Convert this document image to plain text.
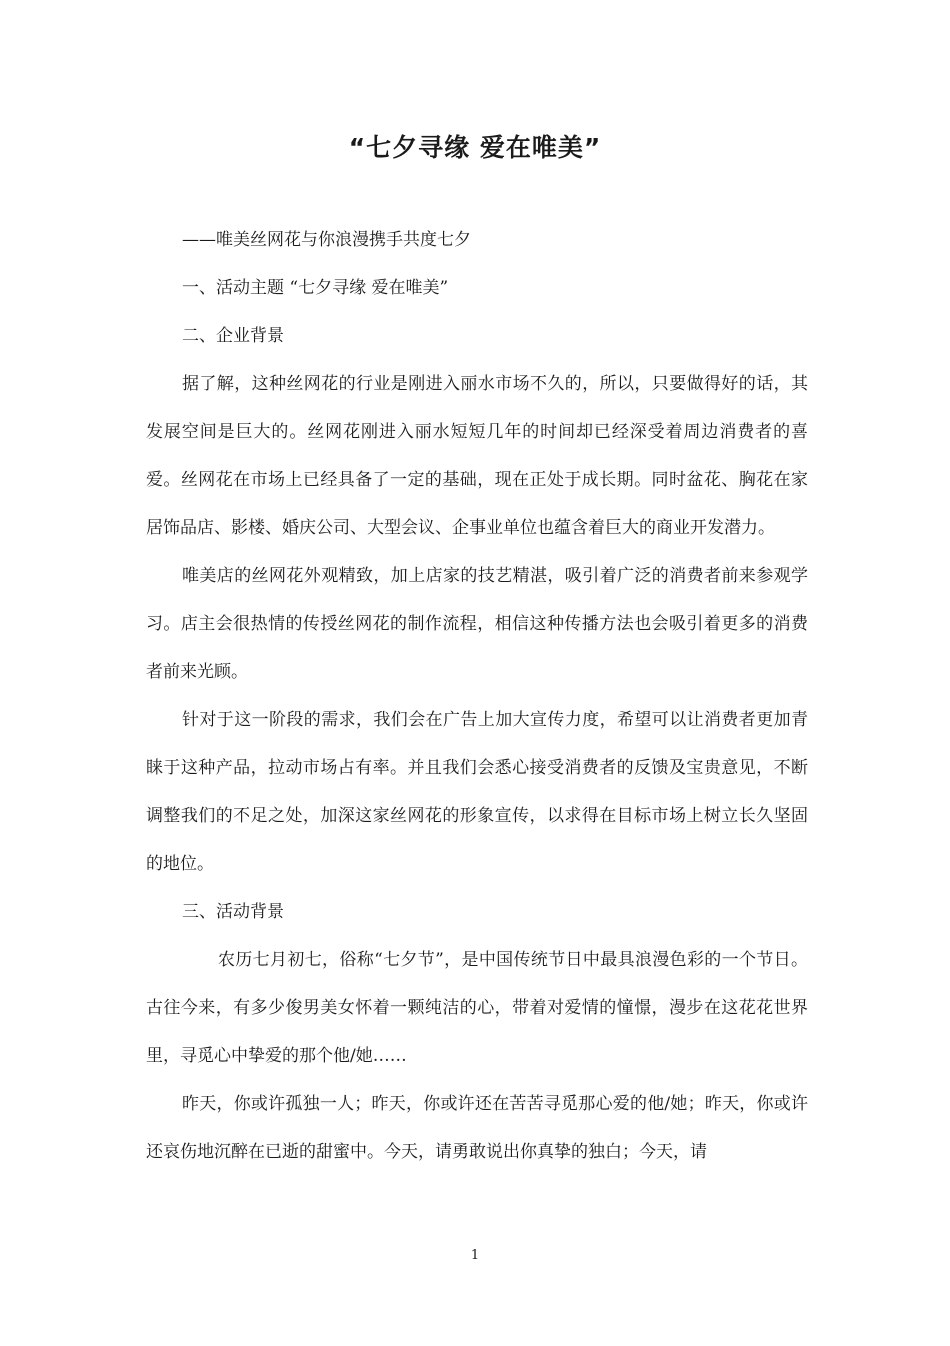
“七夕寻缘 爱在唯美”

——唯美丝网花与你浪漫携手共度七夕

一、活动主题 “七夕寻缘 爱在唯美”

二、企业背景

据了解，这种丝网花的行业是刚进入丽水市场不久的，所以，只要做得好的话，其发展空间是巨大的。丝网花刚进入丽水短短几年的时间却已经深受着周边消费者的喜爱。丝网花在市场上已经具备了一定的基础，现在正处于成长期。同时盆花、胸花在家居饰品店、影楼、婚庆公司、大型会议、企事业单位也蕴含着巨大的商业开发潜力。

唯美店的丝网花外观精致，加上店家的技艺精湛，吸引着广泛的消费者前来参观学习。店主会很热情的传授丝网花的制作流程，相信这种传播方法也会吸引着更多的消费者前来光顾。

针对于这一阶段的需求，我们会在广告上加大宣传力度，希望可以让消费者更加青睐于这种产品，拉动市场占有率。并且我们会悉心接受消费者的反馈及宝贵意见，不断调整我们的不足之处，加深这家丝网花的形象宣传，以求得在目标市场上树立长久坚固的地位。

三、活动背景

农历七月初七，俗称“七夕节”，是中国传统节日中最具浪漫色彩的一个节日。古往今来，有多少俊男美女怀着一颗纯洁的心，带着对爱情的憧憬，漫步在这花花世界里，寻觅心中挚爱的那个他/她……

昨天，你或许孤独一人；昨天，你或许还在苦苦寻觅那心爱的他/她；昨天，你或许还哀伤地沉醉在已逝的甜蜜中。今天，请勇敢说出你真挚的独白；今天，请

1
